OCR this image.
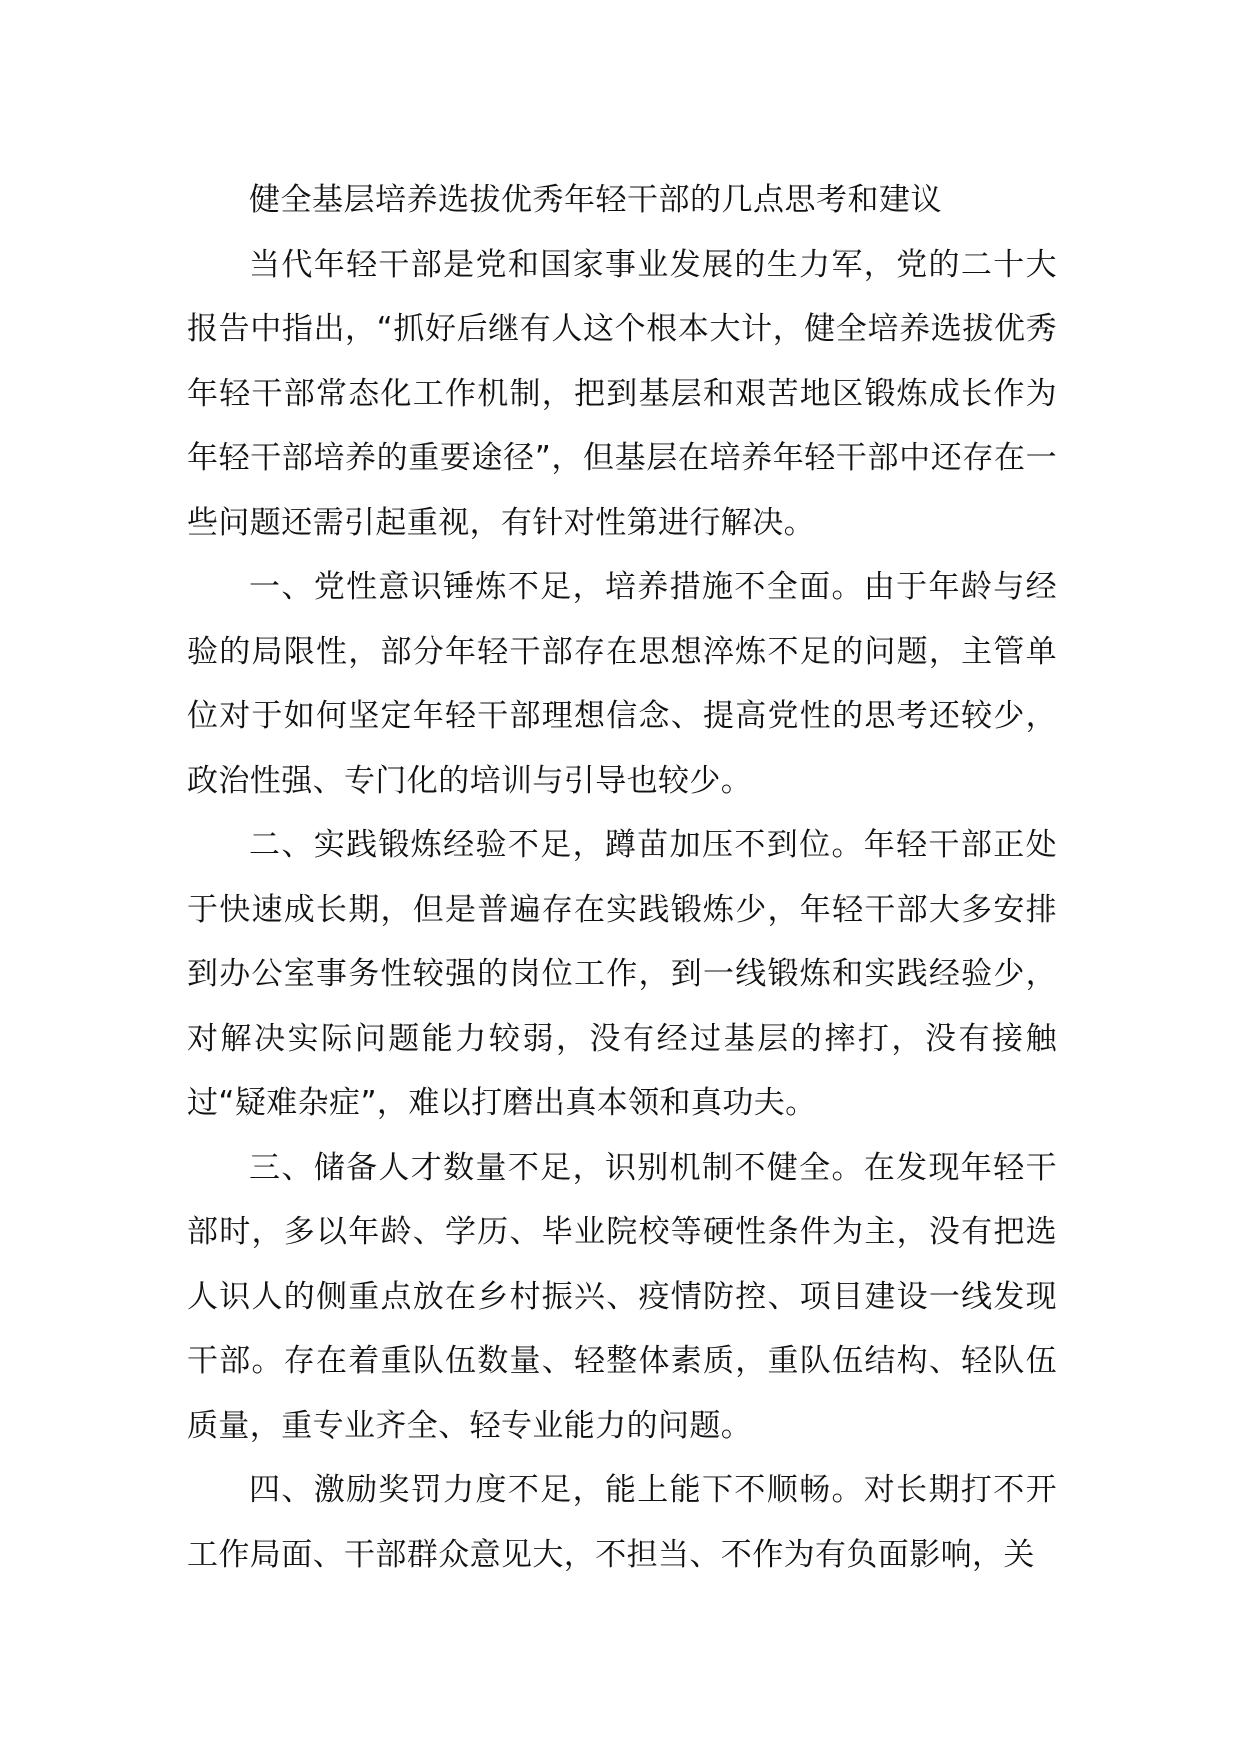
健全基层培养选拔优秀年轻干部的几点思考和建议

当代年轻干部是党和国家事业发展的生力军，党的二十大报告中指出，“抓好后继有人这个根本大计，健全培养选拔优秀年轻干部常态化工作机制，把到基层和艰苦地区锻炼成长作为年轻干部培养的重要途径”，但基层在培养年轻干部中还存在一些问题还需引起重视，有针对性第进行解决。

一、党性意识锤炼不足，培养措施不全面。由于年龄与经验的局限性，部分年轻干部存在思想淬炼不足的问题，主管单位对于如何坚定年轻干部理想信念、提高党性的思考还较少，政治性强、专门化的培训与引导也较少。

二、实践锻炼经验不足，蹲苗加压不到位。年轻干部正处于快速成长期，但是普遍存在实践锻炼少，年轻干部大多安排到办公室事务性较强的岗位工作，到一线锻炼和实践经验少，对解决实际问题能力较弱，没有经过基层的摔打，没有接触过“疑难杂症”，难以打磨出真本领和真功夫。

三、储备人才数量不足，识别机制不健全。在发现年轻干部时，多以年龄、学历、毕业院校等硬性条件为主，没有把选人识人的侧重点放在乡村振兴、疫情防控、项目建设一线发现干部。存在着重队伍数量、轻整体素质，重队伍结构、轻队伍质量，重专业齐全、轻专业能力的问题。

四、激励奖罚力度不足，能上能下不顺畅。对长期打不开工作局面、干部群众意见大，不担当、不作为有负面影响，关
